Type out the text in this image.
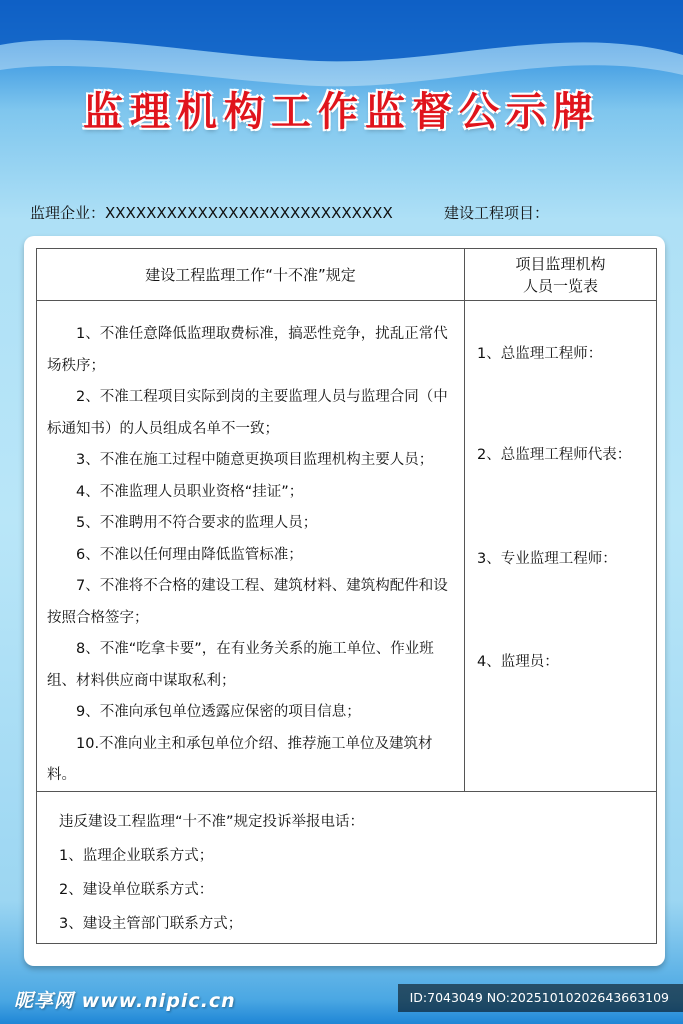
监理机构工作监督公示牌
监理企业：XXXXXXXXXXXXXXXXXXXXXXXXXXXX	建设工程项目：
建设工程监理工作“十不准”规定
项目监理机构
人员一览表

1、不准任意降低监理取费标准，搞恶性竞争，扰乱正常代场秩序；

2、不准工程项目实际到岗的主要监理人员与监理合同（中标通知书）的人员组成名单不一致；

3、不准在施工过程中随意更换项目监理机构主要人员；

4、不准监理人员职业资格“挂证”；

5、不准聘用不符合要求的监理人员；

6、不准以任何理由降低监管标准；

7、不准将不合格的建设工程、建筑材料、建筑构配件和设按照合格签字；

8、不准“吃拿卡要”，在有业务关系的施工单位、作业班组、材料供应商中谋取私利；

9、不准向承包单位透露应保密的项目信息；

10.不准向业主和承包单位介绍、推荐施工单位及建筑材料。

1、总监理工程师：
2、总监理工程师代表：
3、专业监理工程师：
4、监理员：
违反建设工程监理“十不准”规定投诉举报电话：
1、监理企业联系方式；
2、建设单位联系方式：
3、建设主管部门联系方式；
昵享网 www.nipic.cn	ID:7043049 NO:20251010202643663109
